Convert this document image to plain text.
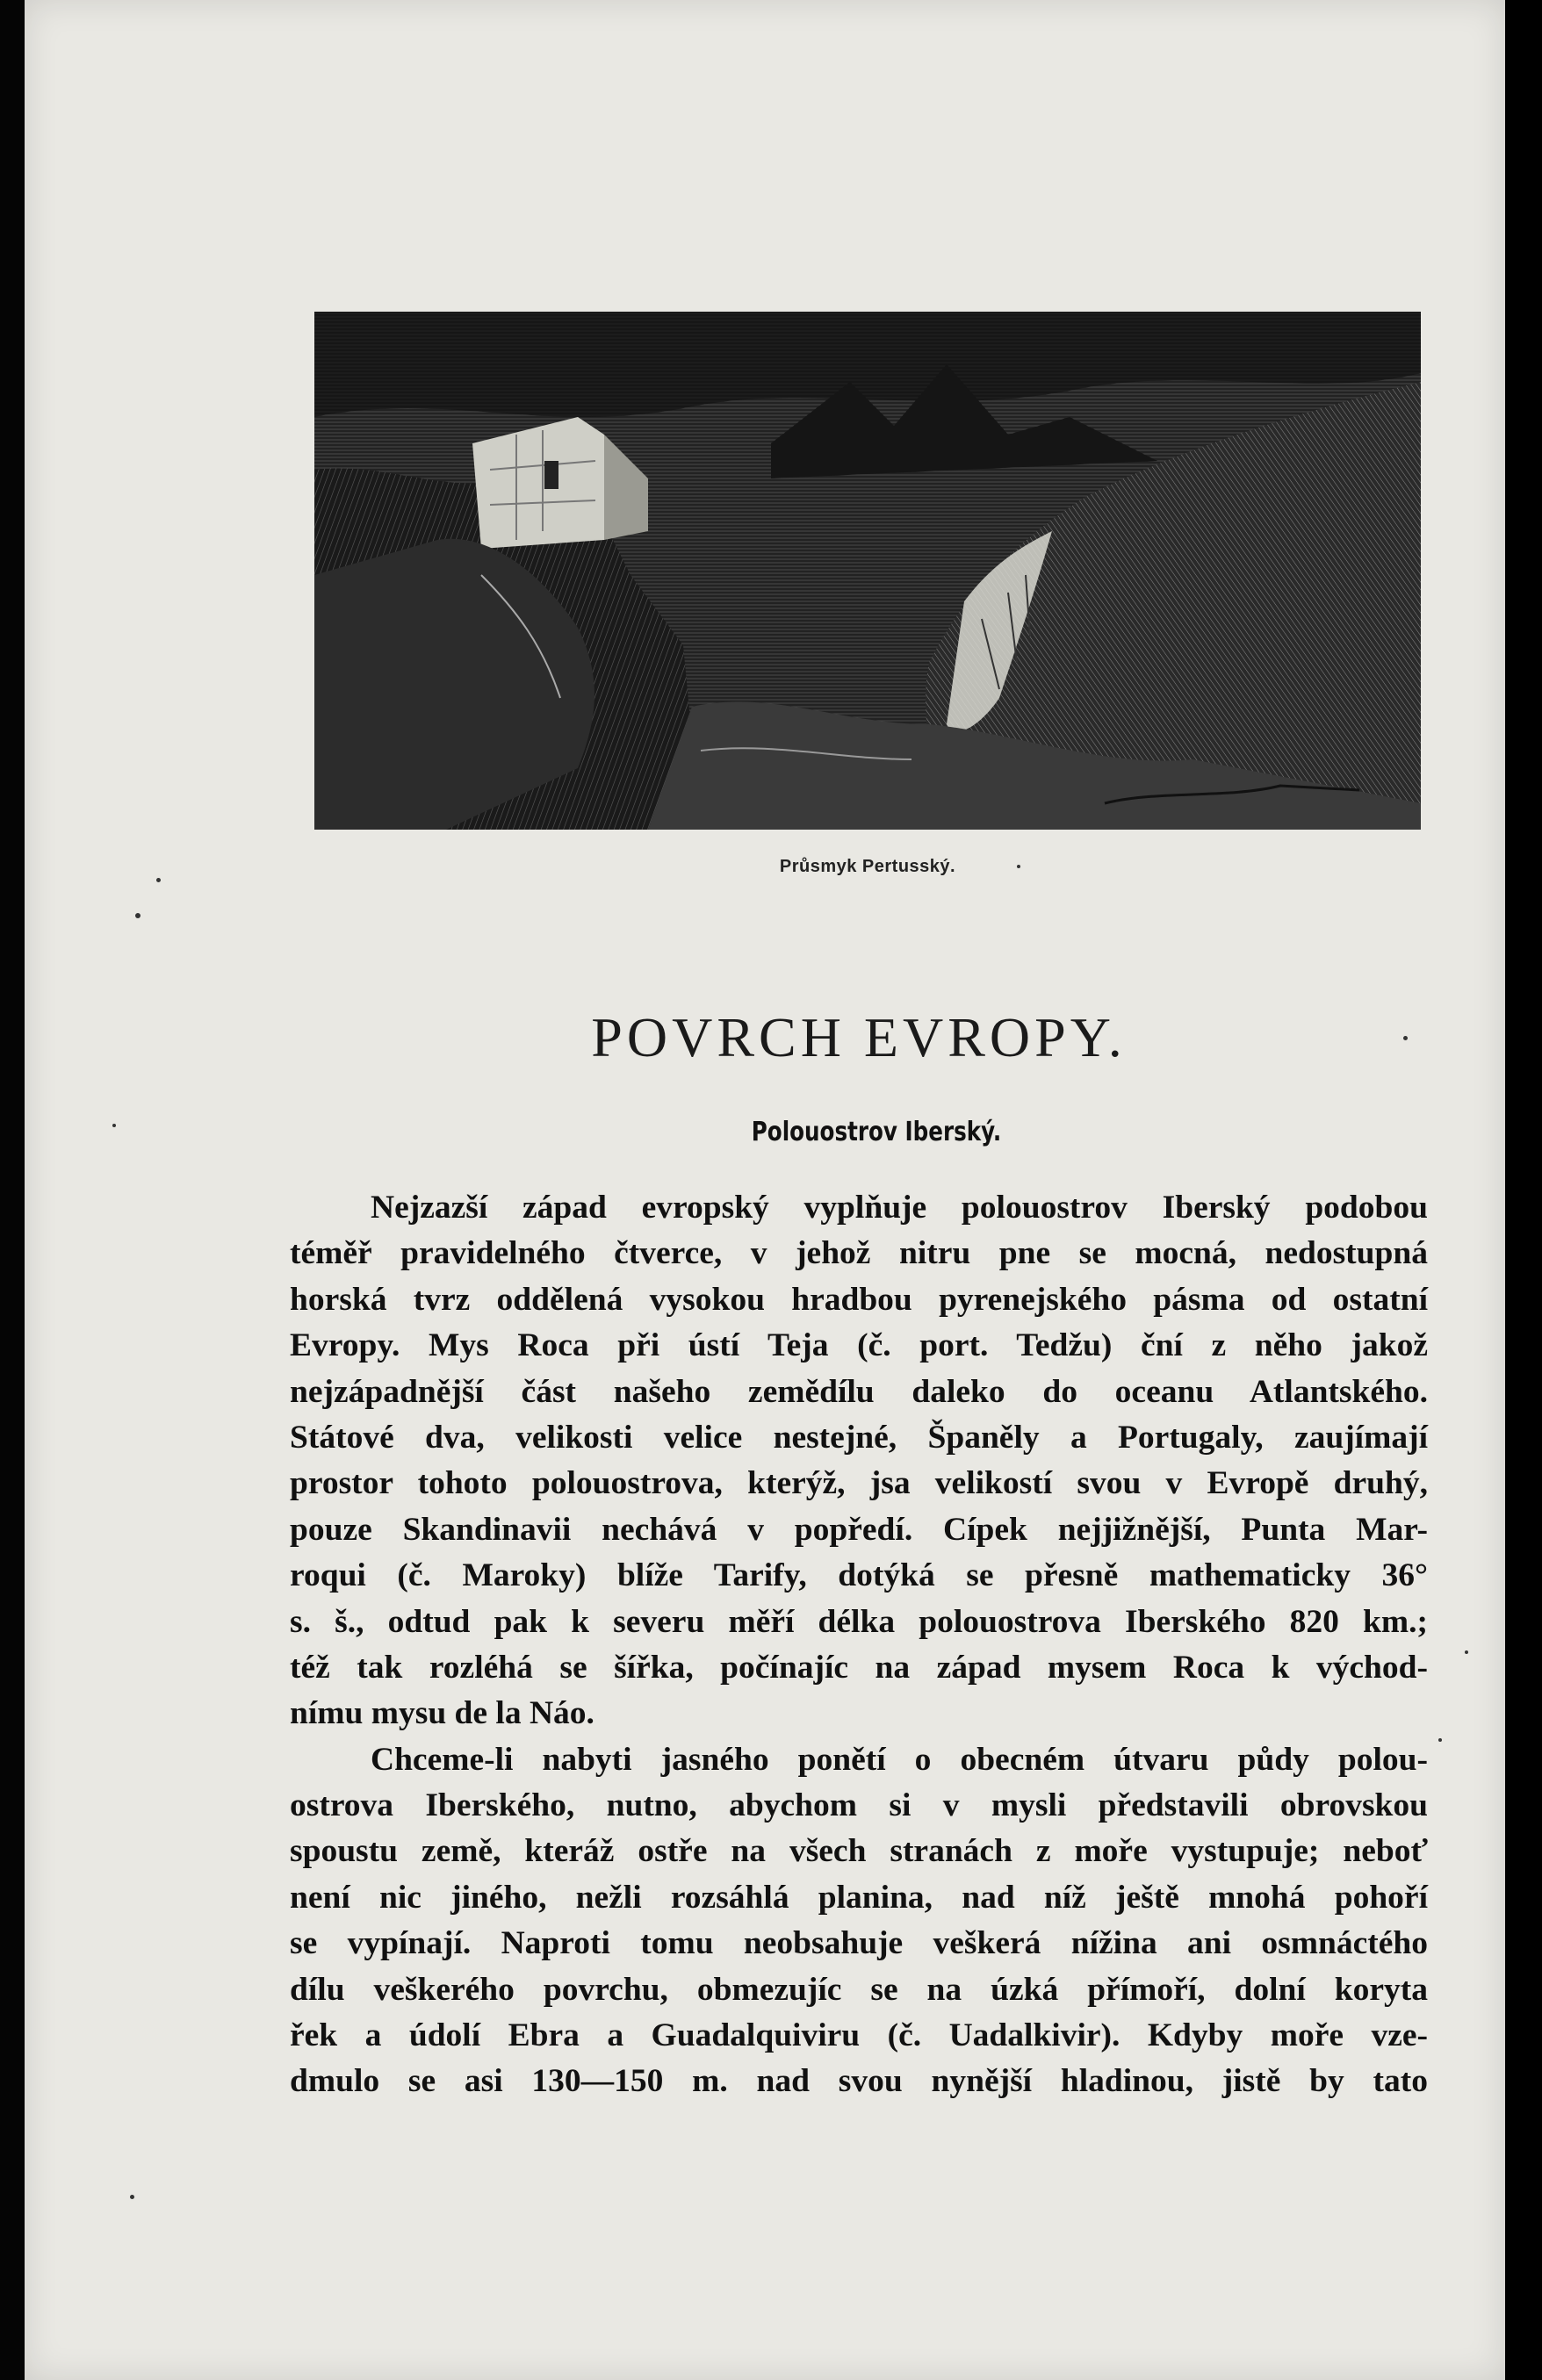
Průsmyk Pertusský.
POVRCH EVROPY.
Polouostrov Iberský.
Nejzazší západ evropský vyplňuje polouostrov Iberský podobou
téměř pravidelného čtverce, v jehož nitru pne se mocná, nedostupná
horská tvrz oddělená vysokou hradbou pyrenejského pásma od ostatní
Evropy. Mys Roca při ústí Teja (č. port. Tedžu) ční z něho jakož
nejzápadnější část našeho zemědílu daleko do oceanu Atlantského.
Státové dva, velikosti velice nestejné, Španěly a Portugaly, zaujímají
prostor tohoto polouostrova, kterýž, jsa velikostí svou v Evropě druhý,
pouze Skandinavii nechává v popředí. Cípek nejjižnější, Punta Mar-
roqui (č. Maroky) blíže Tarify, dotýká se přesně mathematicky 36°
s. š., odtud pak k severu měří délka polouostrova Iberského 820 km.;
též tak rozléhá se šířka, počínajíc na západ mysem Roca k východ-
nímu mysu de la Náo.
Chceme-li nabyti jasného ponětí o obecném útvaru půdy polou-
ostrova Iberského, nutno, abychom si v mysli představili obrovskou
spoustu země, kteráž ostře na všech stranách z moře vystupuje; neboť
není nic jiného, nežli rozsáhlá planina, nad níž ještě mnohá pohoří
se vypínají. Naproti tomu neobsahuje veškerá nížina ani osmnáctého
dílu veškerého povrchu, obmezujíc se na úzká přímoří, dolní koryta
řek a údolí Ebra a Guadalquiviru (č. Uadalkivir). Kdyby moře vze-
dmulo se asi 130—150 m. nad svou nynější hladinou, jistě by tato
